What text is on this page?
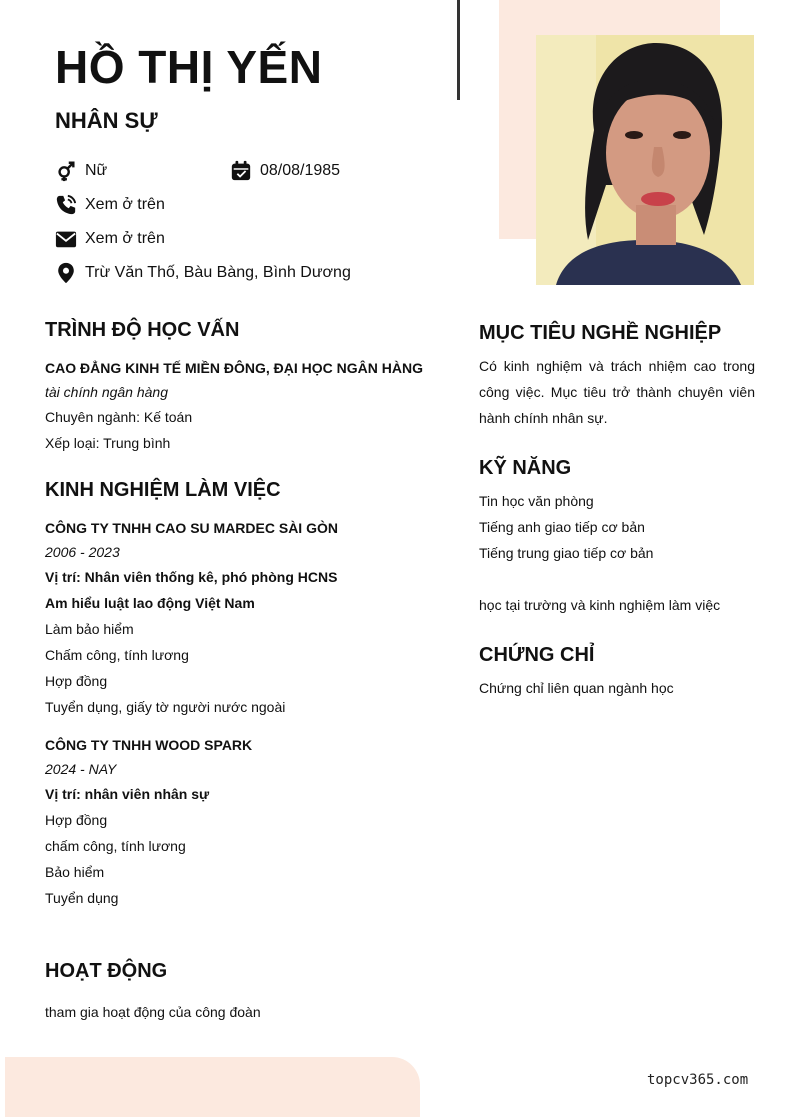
HỒ THỊ YẾN
NHÂN SỰ
Nữ	08/08/1985
Xem ở trên
Xem ở trên
Trừ Văn Thố, Bàu Bàng, Bình Dương
TRÌNH ĐỘ HỌC VẤN
CAO ĐẲNG KINH TẾ MIỀN ĐÔNG, ĐẠI HỌC NGÂN HÀNG
tài chính ngân hàng
Chuyên ngành: Kế toán
Xếp loại: Trung bình
KINH NGHIỆM LÀM VIỆC
CÔNG TY TNHH CAO SU MARDEC SÀI GÒN
2006 - 2023
Vị trí: Nhân viên thống kê, phó phòng HCNS
Am hiểu luật lao động Việt Nam
Làm bảo hiểm
Chấm công, tính lương
Hợp đồng
Tuyển dụng, giấy tờ người nước ngoài
CÔNG TY TNHH WOOD SPARK
2024 - NAY
Vị trí: nhân viên nhân sự
Hợp đồng
chấm công, tính lương
Bảo hiểm
Tuyển dụng
HOẠT ĐỘNG
tham gia hoạt động của công đoàn
MỤC TIÊU NGHỀ NGHIỆP
Có kinh nghiệm và trách nhiệm cao trong công việc. Mục tiêu trở thành chuyên viên hành chính nhân sự.
KỸ NĂNG
Tin học văn phòng
Tiếng anh giao tiếp cơ bản
Tiếng trung giao tiếp cơ bản
học tại trường và kinh nghiệm làm việc
CHỨNG CHỈ
Chứng chỉ liên quan ngành học
topcv365.com
